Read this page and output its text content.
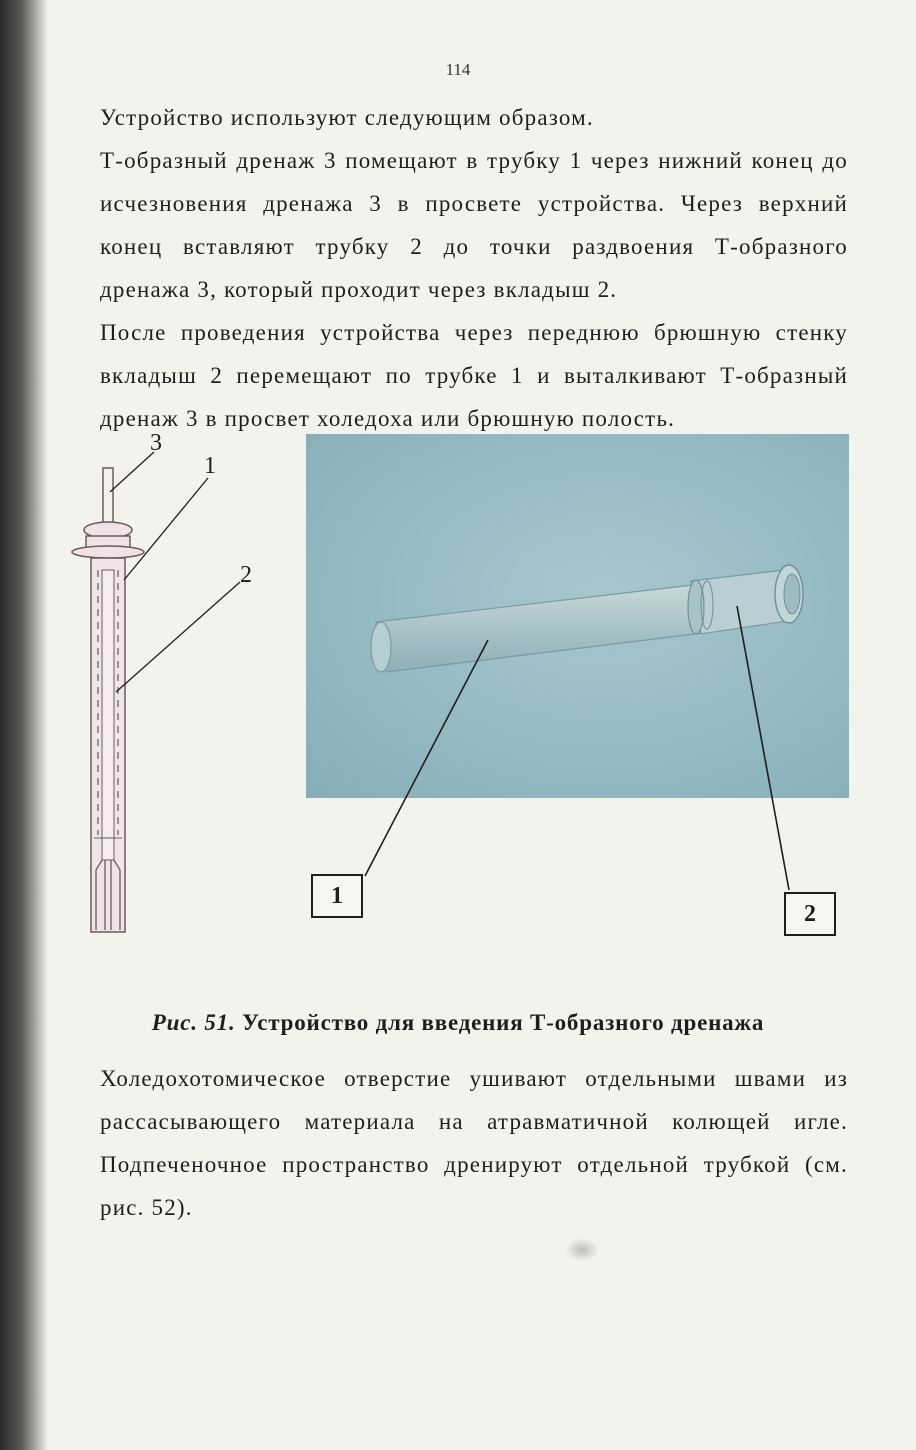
114

Устройство используют следующим образом.

Т-образный дренаж 3 помещают в трубку 1 через нижний конец до исчезновения дренажа 3 в просвете устройства. Через верхний конец вставляют трубку 2 до точки раздвоения Т-образного дренажа 3, который проходит через вкладыш 2.

После проведения устройства через переднюю брюшную стенку вкладыш 2 перемещают по трубке 1 и выталкивают Т-образный дренаж 3 в просвет холедоха или брюшную полость.

3
1
2
1
2

Рис. 51. Устройство для введения Т-образного дренажа

Холедохотомическое отверстие ушивают отдельными швами из рассасывающего материала на атравматичной колющей игле. Подпеченочное пространство дренируют отдельной трубкой (см. рис. 52).
